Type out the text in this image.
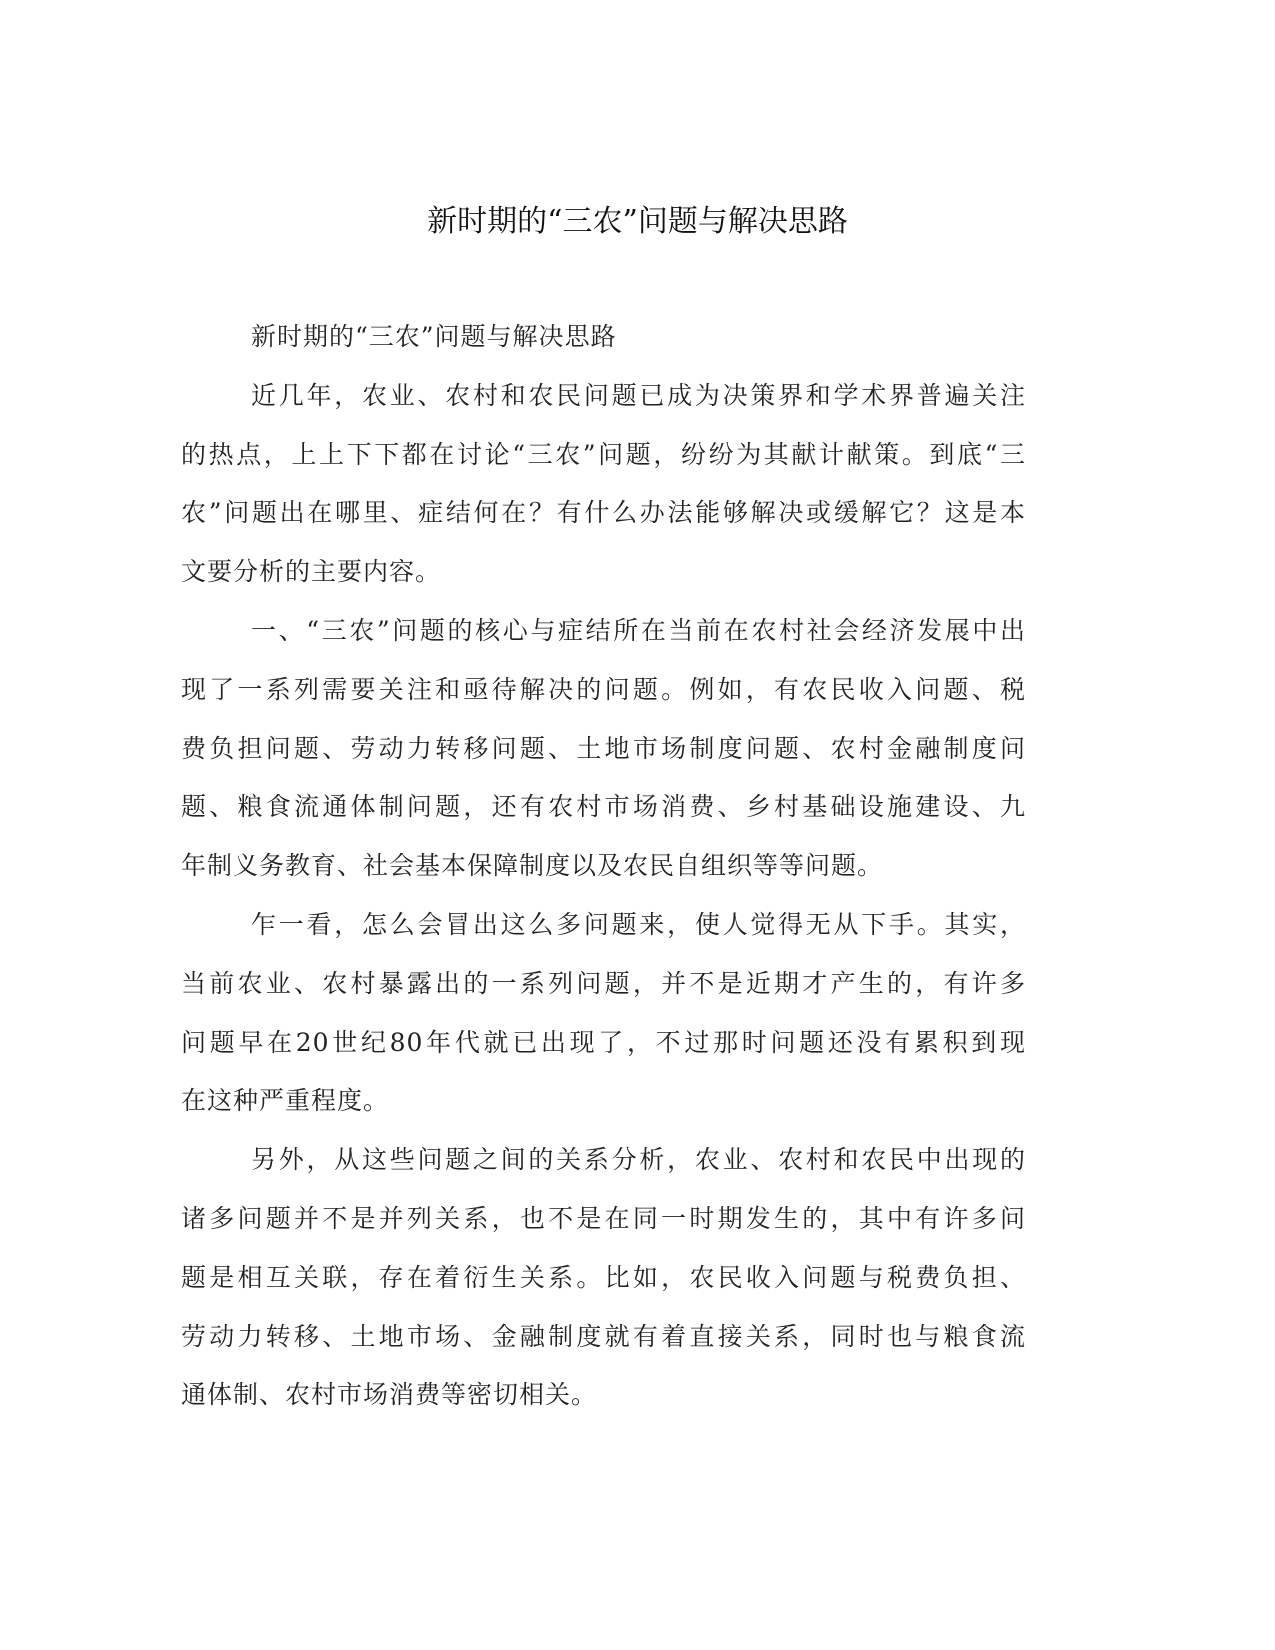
新时期的“三农”问题与解决思路
新时期的“三农”问题与解决思路
近几年，农业、农村和农民问题已成为决策界和学术界普遍关注
的热点，上上下下都在讨论“三农”问题，纷纷为其献计献策。到底“三
农”问题出在哪里、症结何在？有什么办法能够解决或缓解它？这是本
文要分析的主要内容。
一、“三农”问题的核心与症结所在当前在农村社会经济发展中出
现了一系列需要关注和亟待解决的问题。例如，有农民收入问题、税
费负担问题、劳动力转移问题、土地市场制度问题、农村金融制度问
题、粮食流通体制问题，还有农村市场消费、乡村基础设施建设、九
年制义务教育、社会基本保障制度以及农民自组织等等问题。
乍一看，怎么会冒出这么多问题来，使人觉得无从下手。其实，
当前农业、农村暴露出的一系列问题，并不是近期才产生的，有许多
问题早在20世纪80年代就已出现了，不过那时问题还没有累积到现
在这种严重程度。
另外，从这些问题之间的关系分析，农业、农村和农民中出现的
诸多问题并不是并列关系，也不是在同一时期发生的，其中有许多问
题是相互关联，存在着衍生关系。比如，农民收入问题与税费负担、
劳动力转移、土地市场、金融制度就有着直接关系，同时也与粮食流
通体制、农村市场消费等密切相关。
